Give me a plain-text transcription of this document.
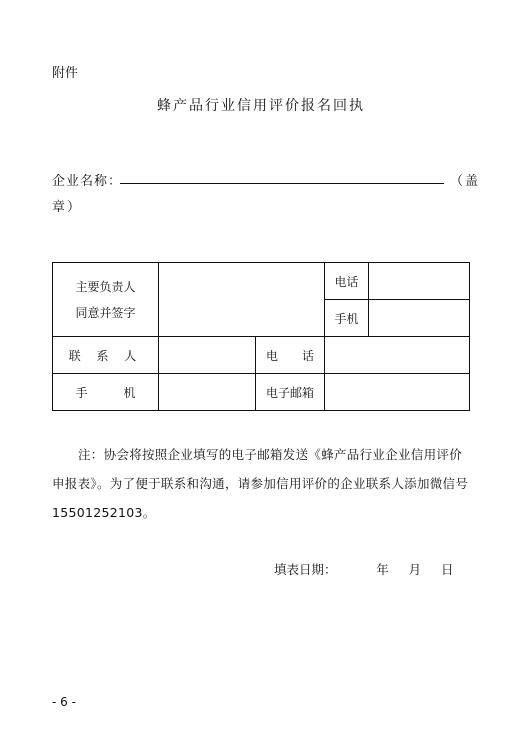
附件
蜂产品行业信用评价报名回执
企业名称：	（盖
章）
主要负责人
同意并签字			电话	
			手机	
联 系 人		电　　话		
手　　　机		电子邮箱		
注：协会将按照企业填写的电子邮箱发送《蜂产品行业企业信用评价申报表》。为了便于联系和沟通，请参加信用评价的企业联系人添加微信号 15501252103。
填表日期：          年     月     日
- 6 -
